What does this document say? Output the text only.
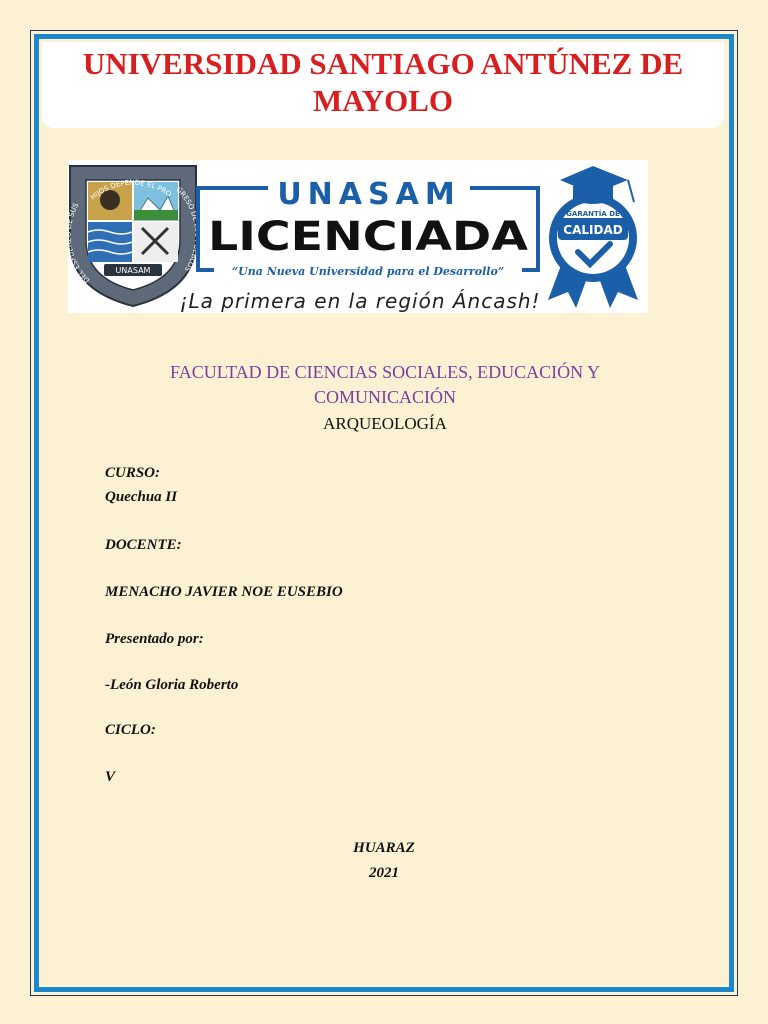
UNIVERSIDAD SANTIAGO ANTÚNEZ DE MAYOLO
UNASAM
HIJOS DEPENDE EL PRO
DEL ESF SUS
GRESO DE LOS PUEBLOS
UNASAM
LICENCIADA
“Una Nueva Universidad para el Desarrollo”
¡La primera en la región Áncash!
GARANTÍA DE
CALIDAD

FACULTAD DE CIENCIAS SOCIALES, EDUCACIÓN Y COMUNICACIÓN

ARQUEOLOGÍA

CURSO:

Quechua II

DOCENTE:

MENACHO JAVIER NOE EUSEBIO

Presentado por:

-León Gloria Roberto

CICLO:

V

HUARAZ

2021
